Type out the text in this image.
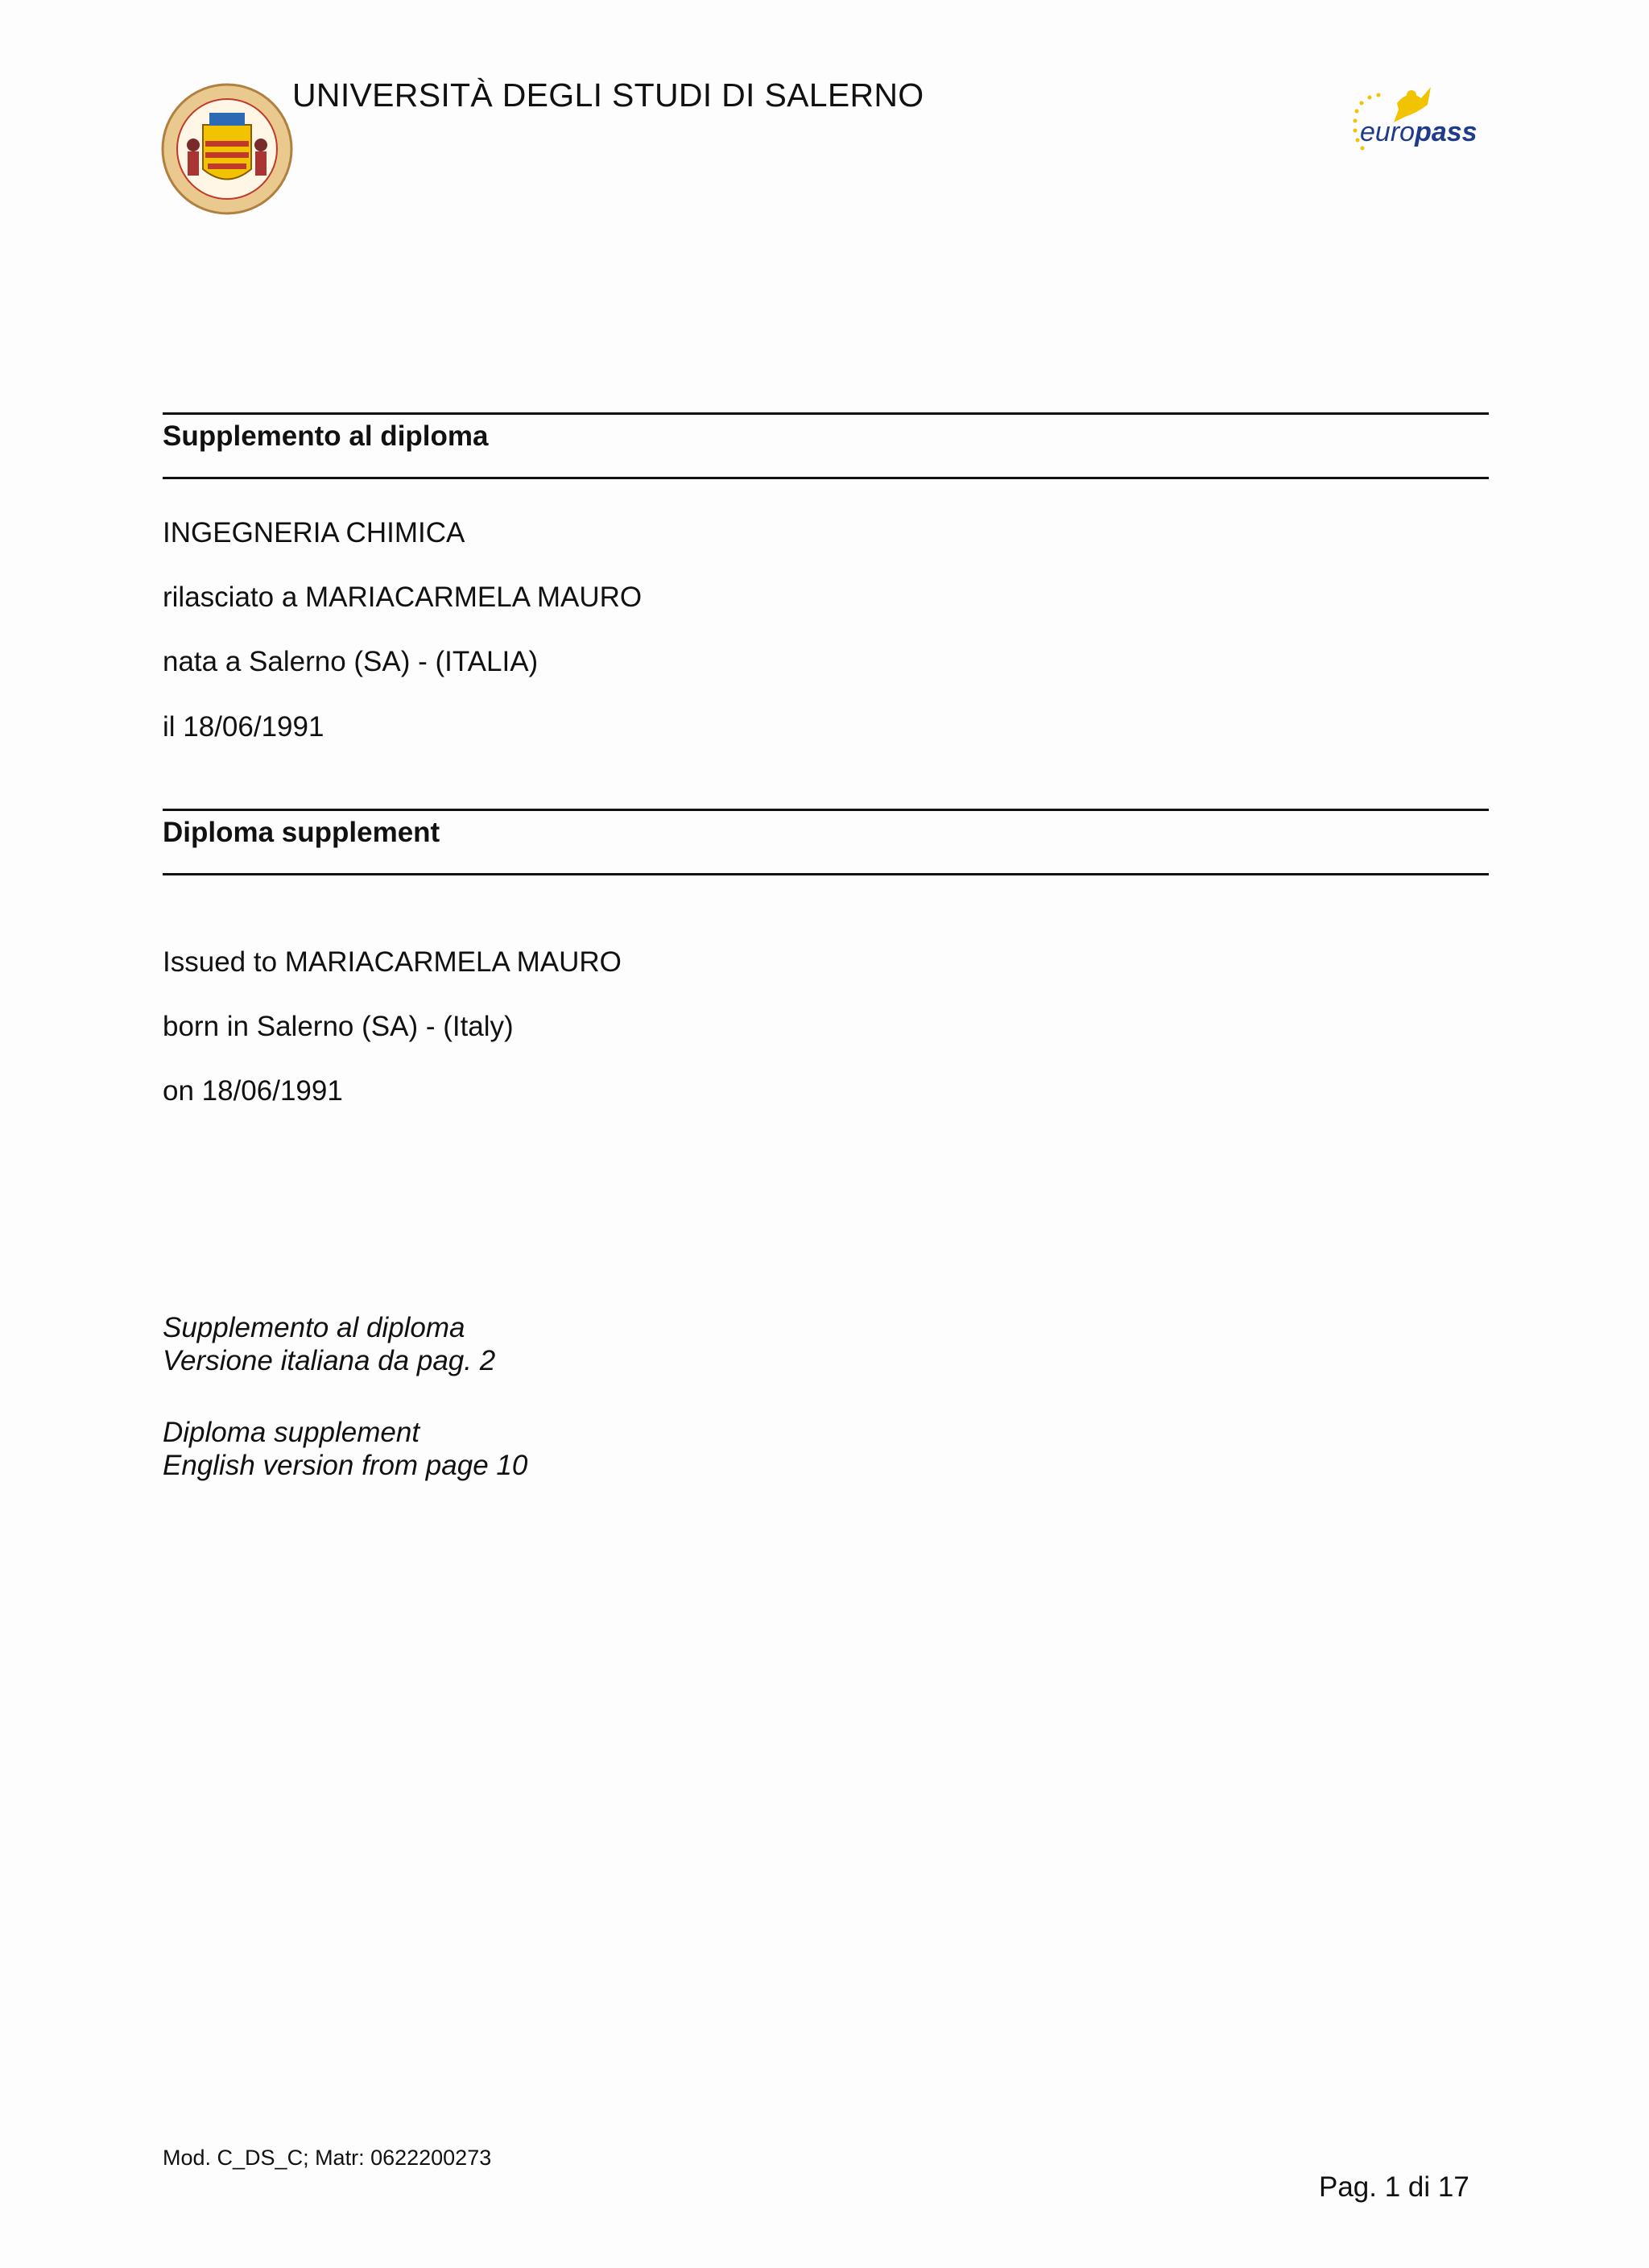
UNIVERSITÀ DEGLI STUDI DI SALERNO
europass
Supplemento al diploma
INGEGNERIA CHIMICA
rilasciato a MARIACARMELA MAURO
nata a Salerno (SA) - (ITALIA)
il 18/06/1991
Diploma supplement
Issued to MARIACARMELA MAURO
born in Salerno (SA) - (Italy)
on 18/06/1991
Supplemento al diploma
Versione italiana da pag. 2
Diploma supplement
English version from page 10
Mod. C_DS_C; Matr: 0622200273
Pag. 1 di 17
